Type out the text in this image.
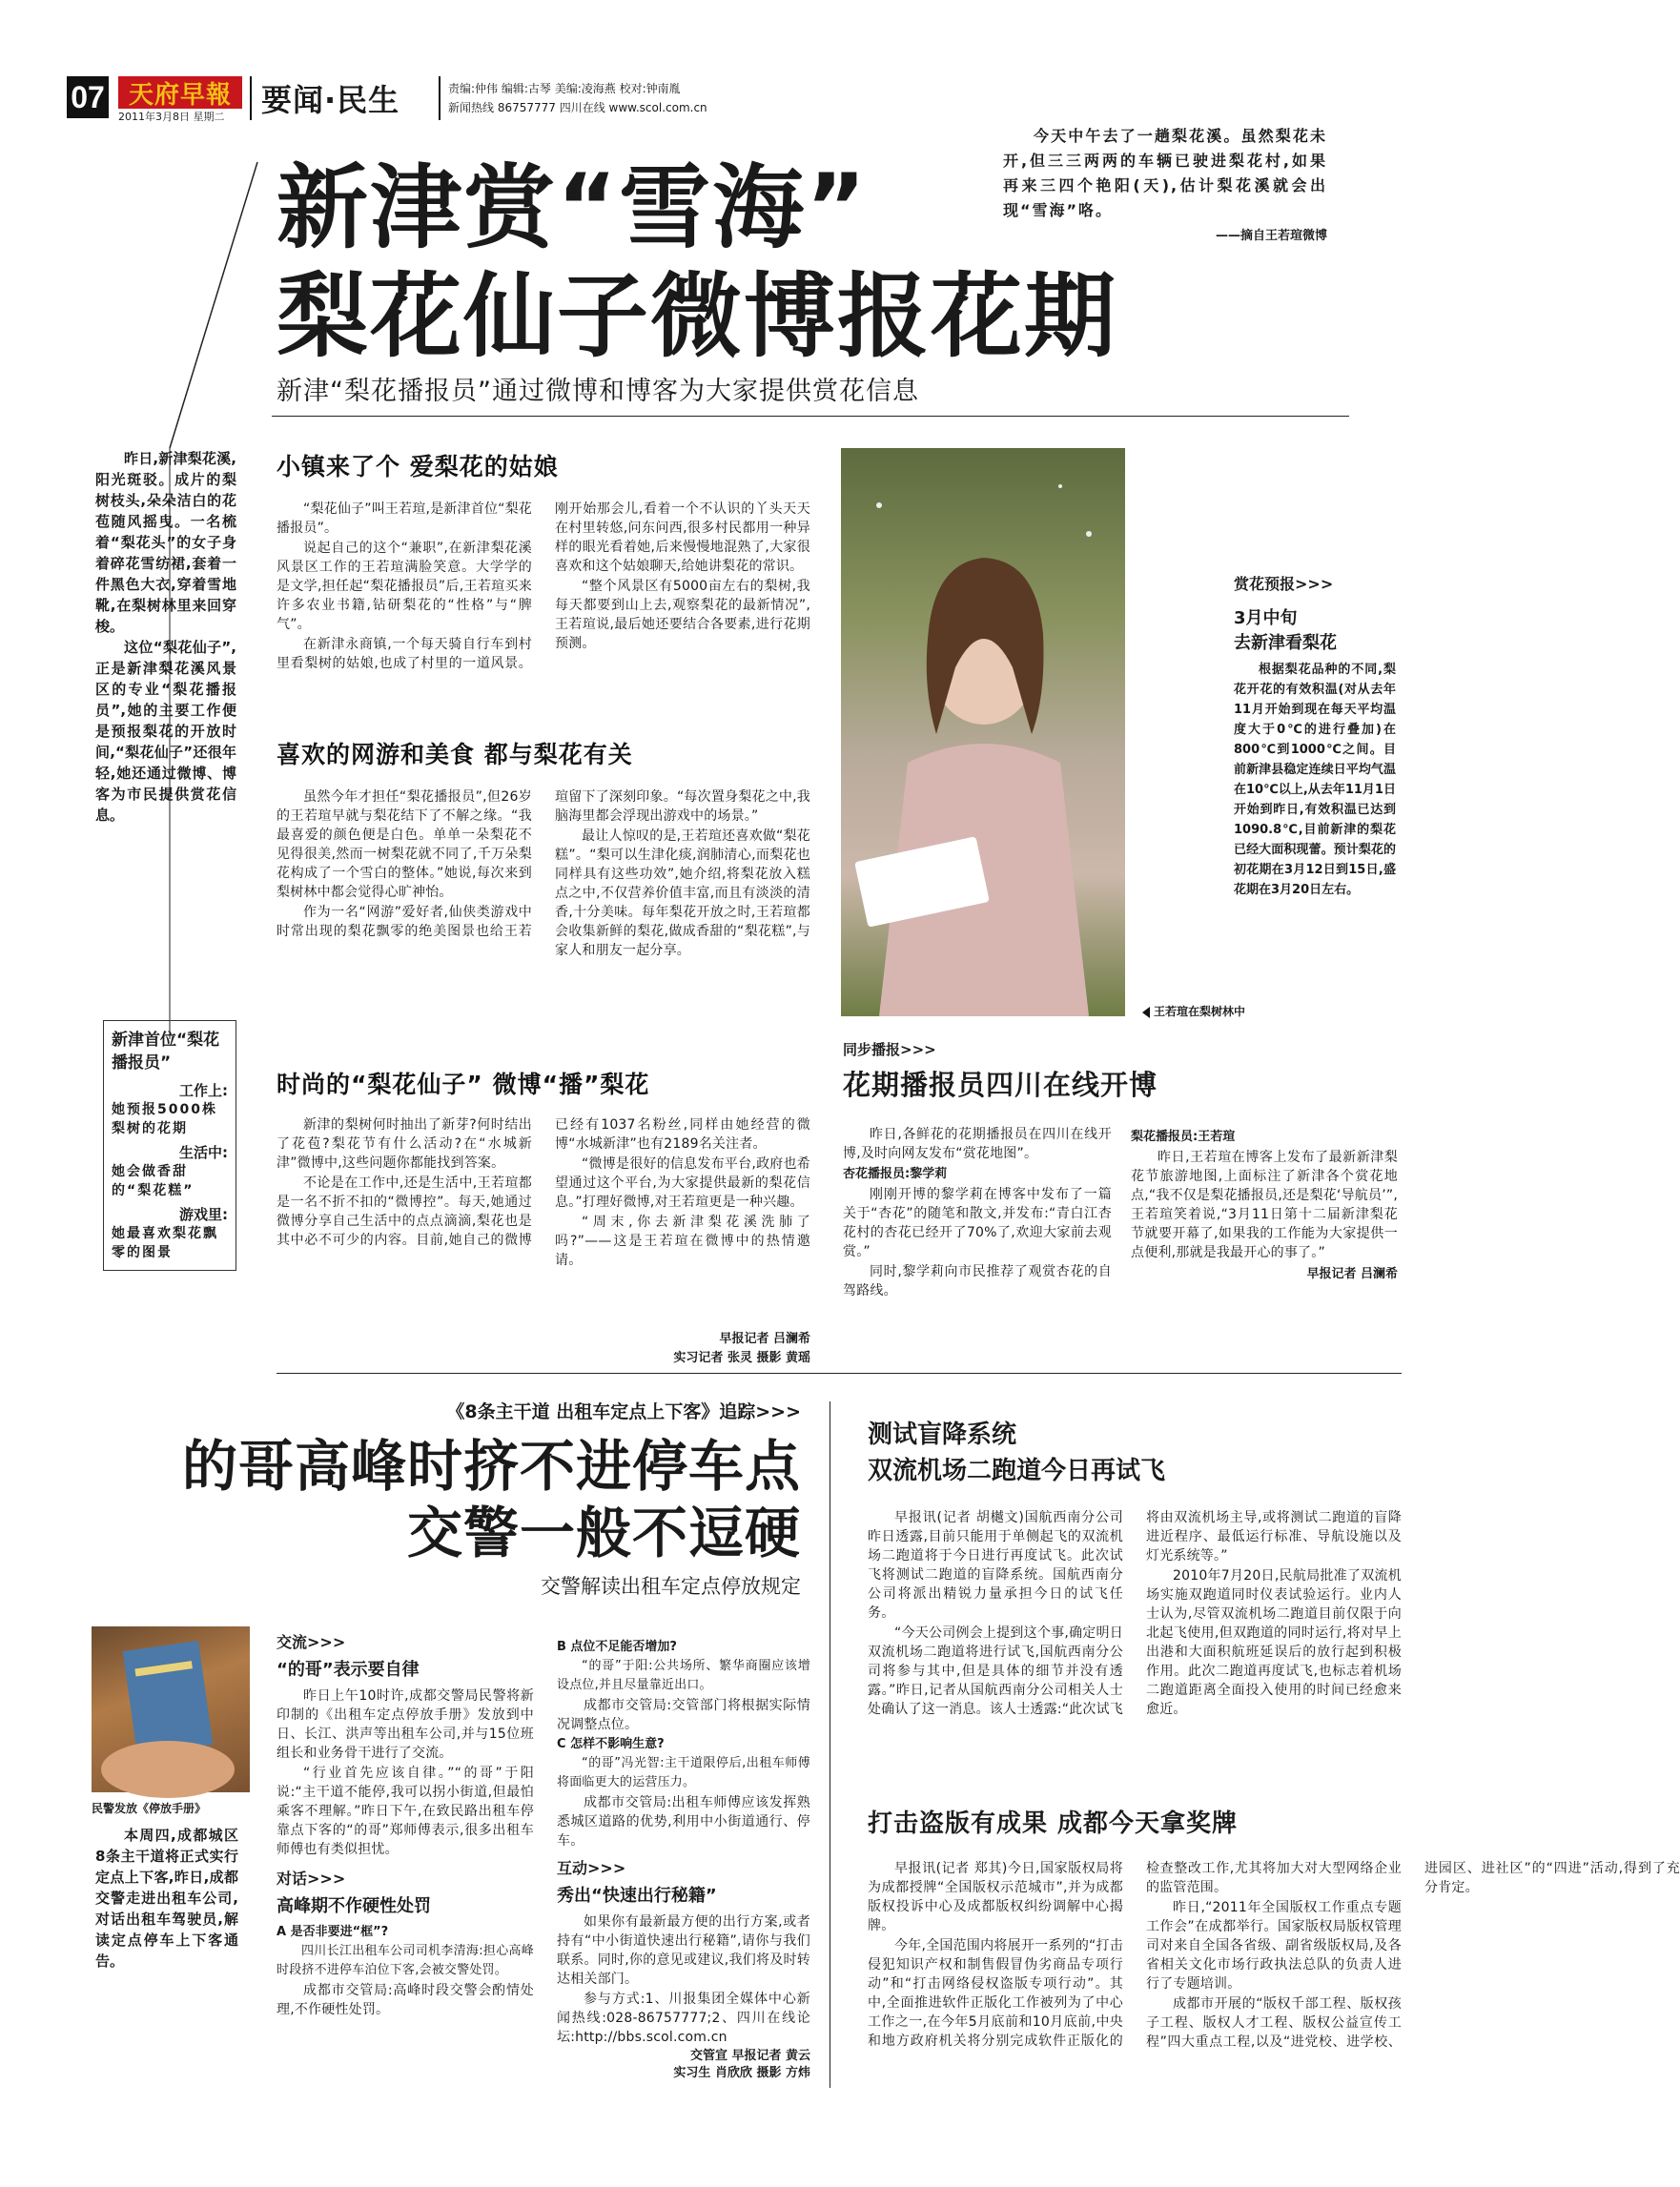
07 天府早報
2011年3月8日 星期二	要闻·民生	责编:仲伟 编辑:古琴 美编:凌海燕 校对:钟南胤
新闻热线 86757777 四川在线 www.scol.com.cn
今天中午去了一趟梨花溪。虽然梨花未开,但三三两两的车辆已驶进梨花村,如果再来三四个艳阳(天),估计梨花溪就会出现“雪海”咯。
——摘自王若瑄微博
新津赏“雪海”
梨花仙子微博报花期
新津“梨花播报员”通过微博和博客为大家提供赏花信息

昨日,新津梨花溪,阳光斑驳。成片的梨树枝头,朵朵洁白的花苞随风摇曳。一名梳着“梨花头”的女子身着碎花雪纺裙,套着一件黑色大衣,穿着雪地靴,在梨树林里来回穿梭。

这位“梨花仙子”,正是新津梨花溪风景区的专业“梨花播报员”,她的主要工作便是预报梨花的开放时间,“梨花仙子”还很年轻,她还通过微博、博客为市民提供赏花信息。

新津首位“梨花播报员”
工作上:
她预报5000株梨树的花期
生活中:
她会做香甜的“梨花糕”
游戏里:
她最喜欢梨花飘零的图景
小镇来了个 爱梨花的姑娘

“梨花仙子”叫王若瑄,是新津首位“梨花播报员”。

说起自己的这个“兼职”,在新津梨花溪风景区工作的王若瑄满脸笑意。大学学的是文学,担任起“梨花播报员”后,王若瑄买来许多农业书籍,钻研梨花的“性格”与“脾气”。

在新津永商镇,一个每天骑自行车到村里看梨树的姑娘,也成了村里的一道风景。刚开始那会儿,看着一个不认识的丫头天天在村里转悠,问东问西,很多村民都用一种异样的眼光看着她,后来慢慢地混熟了,大家很喜欢和这个姑娘聊天,给她讲梨花的常识。

“整个风景区有5000亩左右的梨树,我每天都要到山上去,观察梨花的最新情况”,王若瑄说,最后她还要结合各要素,进行花期预测。

喜欢的网游和美食 都与梨花有关

虽然今年才担任“梨花播报员”,但26岁的王若瑄早就与梨花结下了不解之缘。“我最喜爱的颜色便是白色。单单一朵梨花不见得很美,然而一树梨花就不同了,千万朵梨花构成了一个雪白的整体。”她说,每次来到梨树林中都会觉得心旷神怡。

作为一名“网游”爱好者,仙侠类游戏中时常出现的梨花飘零的绝美图景也给王若瑄留下了深刻印象。“每次置身梨花之中,我脑海里都会浮现出游戏中的场景。”

最让人惊叹的是,王若瑄还喜欢做“梨花糕”。“梨可以生津化痰,润肺清心,而梨花也同样具有这些功效”,她介绍,将梨花放入糕点之中,不仅营养价值丰富,而且有淡淡的清香,十分美味。每年梨花开放之时,王若瑄都会收集新鲜的梨花,做成香甜的“梨花糕”,与家人和朋友一起分享。

时尚的“梨花仙子” 微博“播”梨花

新津的梨树何时抽出了新芽?何时结出了花苞?梨花节有什么活动?在“水城新津”微博中,这些问题你都能找到答案。

不论是在工作中,还是生活中,王若瑄都是一名不折不扣的“微博控”。每天,她通过微博分享自己生活中的点点滴滴,梨花也是其中必不可少的内容。目前,她自己的微博已经有1037名粉丝,同样由她经营的微博“水城新津”也有2189名关注者。

“微博是很好的信息发布平台,政府也希望通过这个平台,为大家提供最新的梨花信息。”打理好微博,对王若瑄更是一种兴趣。

“周末,你去新津梨花溪洗肺了吗?”——这是王若瑄在微博中的热情邀请。

早报记者 吕澜希
实习记者 张灵 摄影 黄瑶
王若瑄在梨树林中
赏花预报>>>
3月中旬
去新津看梨花
根据梨花品种的不同,梨花开花的有效积温(对从去年11月开始到现在每天平均温度大于0℃的进行叠加)在800℃到1000℃之间。目前新津县稳定连续日平均气温在10℃以上,从去年11月1日开始到昨日,有效积温已达到1090.8℃,目前新津的梨花已经大面积现蕾。预计梨花的初花期在3月12日到15日,盛花期在3月20日左右。
同步播报>>>
花期播报员四川在线开博

昨日,各鲜花的花期播报员在四川在线开博,及时向网友发布“赏花地图”。

杏花播报员:黎学莉

刚刚开博的黎学莉在博客中发布了一篇关于“杏花”的随笔和散文,并发布:“青白江杏花村的杏花已经开了70%了,欢迎大家前去观赏。”

同时,黎学莉向市民推荐了观赏杏花的自驾路线。

梨花播报员:王若瑄

昨日,王若瑄在博客上发布了最新新津梨花节旅游地图,上面标注了新津各个赏花地点,“我不仅是梨花播报员,还是梨花‘导航员’”,王若瑄笑着说,“3月11日第十二届新津梨花节就要开幕了,如果我的工作能为大家提供一点便利,那就是我最开心的事了。”

早报记者 吕澜希
《8条主干道 出租车定点上下客》追踪>>>
的哥高峰时挤不进停车点
交警一般不逗硬
交警解读出租车定点停放规定
民警发放《停放手册》
本周四,成都城区8条主干道将正式实行定点上下客,昨日,成都交警走进出租车公司,对话出租车驾驶员,解读定点停车上下客通告。
交流>>>
“的哥”表示要自律

昨日上午10时许,成都交警局民警将新印制的《出租车定点停放手册》发放到中日、长江、洪声等出租车公司,并与15位班组长和业务骨干进行了交流。

“行业首先应该自律。”“的哥”于阳说:“主干道不能停,我可以拐小街道,但最怕乘客不理解。”昨日下午,在致民路出租车停靠点下客的“的哥”郑师傅表示,很多出租车师傅也有类似担忧。

对话>>>
高峰期不作硬性处罚
A 是否非要进“框”?

四川长江出租车公司司机李清海:担心高峰时段挤不进停车泊位下客,会被交警处罚。

成都市交管局:高峰时段交警会酌情处理,不作硬性处罚。

B 点位不足能否增加?

“的哥”于阳:公共场所、繁华商圈应该增设点位,并且尽量靠近出口。

成都市交管局:交管部门将根据实际情况调整点位。

C 怎样不影响生意?

“的哥”冯光智:主干道限停后,出租车师傅将面临更大的运营压力。

成都市交管局:出租车师傅应该发挥熟悉城区道路的优势,利用中小街道通行、停车。

互动>>>
秀出“快速出行秘籍”

如果你有最新最方便的出行方案,或者持有“中小街道快速出行秘籍”,请你与我们联系。同时,你的意见或建议,我们将及时转达相关部门。

参与方式:1、川报集团全媒体中心新闻热线:028-86757777;2、四川在线论坛:http://bbs.scol.com.cn

交管宣 早报记者 黄云
实习生 肖欣欣 摄影 方炜
测试盲降系统
双流机场二跑道今日再试飞

早报讯(记者 胡樾文)国航西南分公司昨日透露,目前只能用于单侧起飞的双流机场二跑道将于今日进行再度试飞。此次试飞将测试二跑道的盲降系统。国航西南分公司将派出精锐力量承担今日的试飞任务。

“今天公司例会上提到这个事,确定明日双流机场二跑道将进行试飞,国航西南分公司将参与其中,但是具体的细节并没有透露。”昨日,记者从国航西南分公司相关人士处确认了这一消息。该人士透露:“此次试飞将由双流机场主导,或将测试二跑道的盲降进近程序、最低运行标准、导航设施以及灯光系统等。”

2010年7月20日,民航局批准了双流机场实施双跑道同时仪表试验运行。业内人士认为,尽管双流机场二跑道目前仅限于向北起飞使用,但双跑道的同时运行,将对早上出港和大面积航班延误后的放行起到积极作用。此次二跑道再度试飞,也标志着机场二跑道距离全面投入使用的时间已经愈来愈近。

打击盗版有成果 成都今天拿奖牌

早报讯(记者 郑其)今日,国家版权局将为成都授牌“全国版权示范城市”,并为成都版权投诉中心及成都版权纠纷调解中心揭牌。

今年,全国范围内将展开一系列的“打击侵犯知识产权和制售假冒伪劣商品专项行动”和“打击网络侵权盗版专项行动”。其中,全面推进软件正版化工作被列为了中心工作之一,在今年5月底前和10月底前,中央和地方政府机关将分别完成软件正版化的检查整改工作,尤其将加大对大型网络企业的监管范围。

昨日,“2011年全国版权工作重点专题工作会”在成都举行。国家版权局版权管理司对来自全国各省级、副省级版权局,及各省相关文化市场行政执法总队的负责人进行了专题培训。

成都市开展的“版权千部工程、版权孩子工程、版权人才工程、版权公益宣传工程”四大重点工程,以及“进党校、进学校、进园区、进社区”的“四进”活动,得到了充分肯定。
